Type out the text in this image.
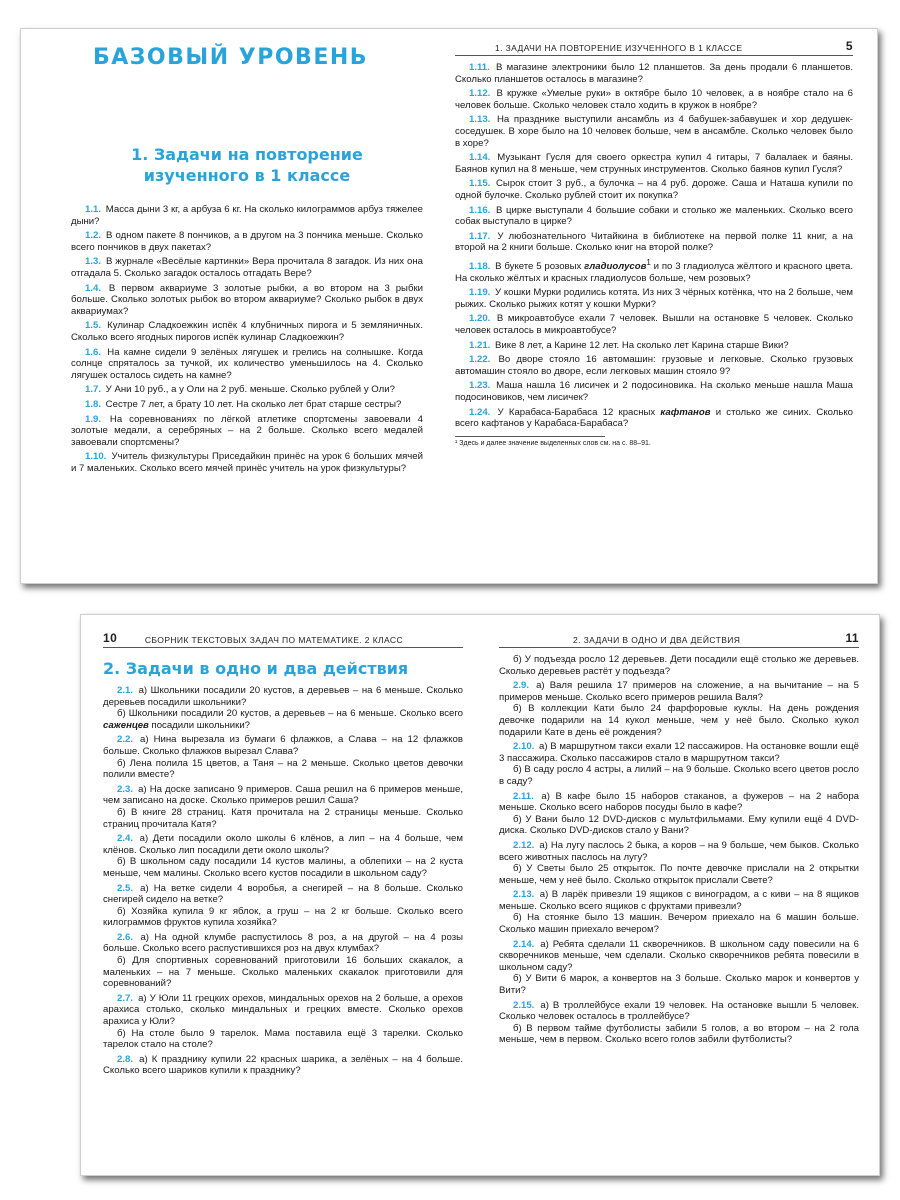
БАЗОВЫЙ УРОВЕНЬ
1. Задачи на повторение
изученного в 1 классе
1.1. Масса дыни 3 кг, а арбуза 6 кг. На сколько килограммов арбуз тяжелее дыни?
1.2. В одном пакете 8 пончиков, а в другом на 3 пончика меньше. Сколько всего пончиков в двух пакетах?
1.3. В журнале «Весёлые картинки» Вера прочитала 8 загадок. Из них она отгадала 5. Сколько загадок осталось отгадать Вере?
1.4. В первом аквариуме 3 золотые рыбки, а во втором на 3 рыбки больше. Сколько золотых рыбок во втором аквариуме? Сколько рыбок в двух аквариумах?
1.5. Кулинар Сладкоежкин испёк 4 клубничных пирога и 5 земляничных. Сколько всего ягодных пирогов испёк кулинар Сладкоежкин?
1.6. На камне сидели 9 зелёных лягушек и грелись на солнышке. Когда солнце спряталось за тучкой, их количество уменьшилось на 4. Сколько лягушек осталось сидеть на камне?
1.7. У Ани 10 руб., а у Оли на 2 руб. меньше. Сколько рублей у Оли?
1.8. Сестре 7 лет, а брату 10 лет. На сколько лет брат старше сестры?
1.9. На соревнованиях по лёгкой атлетике спортсмены завоевали 4 золотые медали, а серебряных – на 2 больше. Сколько всего медалей завоевали спортсмены?
1.10. Учитель физкультуры Приседайкин принёс на урок 6 больших мячей и 7 маленьких. Сколько всего мячей принёс учитель на урок физкультуры?
1. ЗАДАЧИ НА ПОВТОРЕНИЕ ИЗУЧЕННОГО В 1 КЛАССЕ	5
1.11. В магазине электроники было 12 планшетов. За день продали 6 планшетов. Сколько планшетов осталось в магазине?
1.12. В кружке «Умелые руки» в октябре было 10 человек, а в ноябре стало на 6 человек больше. Сколько человек стало ходить в кружок в ноябре?
1.13. На празднике выступили ансамбль из 4 бабушек-забавушек и хор дедушек-соседушек. В хоре было на 10 человек больше, чем в ансамбле. Сколько человек было в хоре?
1.14. Музыкант Гусля для своего оркестра купил 4 гитары, 7 балалаек и баяны. Баянов купил на 8 меньше, чем струнных инструментов. Сколько баянов купил Гусля?
1.15. Сырок стоит 3 руб., а булочка – на 4 руб. дороже. Саша и Наташа купили по одной булочке. Сколько рублей стоит их покупка?
1.16. В цирке выступали 4 большие собаки и столько же маленьких. Сколько всего собак выступало в цирке?
1.17. У любознательного Читайкина в библиотеке на первой полке 11 книг, а на второй на 2 книги больше. Сколько книг на второй полке?
1.18. В букете 5 розовых гладиолусов$^1$ и по 3 гладиолуса жёлтого и красного цвета. На сколько жёлтых и красных гладиолусов больше, чем розовых?
1.19. У кошки Мурки родились котята. Из них 3 чёрных котёнка, что на 2 больше, чем рыжих. Сколько рыжих котят у кошки Мурки?
1.20. В микроавтобусе ехали 7 человек. Вышли на остановке 5 человек. Сколько человек осталось в микроавтобусе?
1.21. Вике 8 лет, а Карине 12 лет. На сколько лет Карина старше Вики?
1.22. Во дворе стояло 16 автомашин: грузовые и легковые. Сколько грузовых автомашин стояло во дворе, если легковых машин стояло 9?
1.23. Маша нашла 16 лисичек и 2 подосиновика. На сколько меньше нашла Маша подосиновиков, чем лисичек?
1.24. У Карабаса-Барабаса 12 красных кафтанов и столько же синих. Сколько всего кафтанов у Карабаса-Барабаса?
¹ Здесь и далее значение выделенных слов см. на с. 88–91.
10	СБОРНИК ТЕКСТОВЫХ ЗАДАЧ ПО МАТЕМАТИКЕ. 2 КЛАСС
2. Задачи в одно и два действия
2.1. а) Школьники посадили 20 кустов, а деревьев – на 6 меньше. Сколько деревьев посадили школьники?
б) Школьники посадили 20 кустов, а деревьев – на 6 меньше. Сколько всего саженцев посадили школьники?
2.2. а) Нина вырезала из бумаги 6 флажков, а Слава – на 12 флажков больше. Сколько флажков вырезал Слава?
б) Лена полила 15 цветов, а Таня – на 2 меньше. Сколько цветов девочки полили вместе?
2.3. а) На доске записано 9 примеров. Саша решил на 6 примеров меньше, чем записано на доске. Сколько примеров решил Саша?
б) В книге 28 страниц. Катя прочитала на 2 страницы меньше. Сколько страниц прочитала Катя?
2.4. а) Дети посадили около школы 6 клёнов, а лип – на 4 больше, чем клёнов. Сколько лип посадили дети около школы?
б) В школьном саду посадили 14 кустов малины, а облепихи – на 2 куста меньше, чем малины. Сколько всего кустов посадили в школьном саду?
2.5. а) На ветке сидели 4 воробья, а снегирей – на 8 больше. Сколько снегирей сидело на ветке?
б) Хозяйка купила 9 кг яблок, а груш – на 2 кг больше. Сколько всего килограммов фруктов купила хозяйка?
2.6. а) На одной клумбе распустилось 8 роз, а на другой – на 4 розы больше. Сколько всего распустившихся роз на двух клумбах?
б) Для спортивных соревнований приготовили 16 больших скакалок, а маленьких – на 7 меньше. Сколько маленьких скакалок приготовили для соревнований?
2.7. а) У Юли 11 грецких орехов, миндальных орехов на 2 больше, а орехов арахиса столько, сколько миндальных и грецких вместе. Сколько орехов арахиса у Юли?
б) На столе было 9 тарелок. Мама поставила ещё 3 тарелки. Сколько тарелок стало на столе?
2.8. а) К празднику купили 22 красных шарика, а зелёных – на 4 больше. Сколько всего шариков купили к празднику?
2. ЗАДАЧИ В ОДНО И ДВА ДЕЙСТВИЯ	11
б) У подъезда росло 12 деревьев. Дети посадили ещё столько же деревьев. Сколько деревьев растёт у подъезда?
2.9. а) Валя решила 17 примеров на сложение, а на вычитание – на 5 примеров меньше. Сколько всего примеров решила Валя?
б) В коллекции Кати было 24 фарфоровые куклы. На день рождения девочке подарили на 14 кукол меньше, чем у неё было. Сколько кукол подарили Кате в день её рождения?
2.10. а) В маршрутном такси ехали 12 пассажиров. На остановке вошли ещё 3 пассажира. Сколько пассажиров стало в маршрутном такси?
б) В саду росло 4 астры, а лилий – на 9 больше. Сколько всего цветов росло в саду?
2.11. а) В кафе было 15 наборов стаканов, а фужеров – на 2 набора меньше. Сколько всего наборов посуды было в кафе?
б) У Вани было 12 DVD-дисков с мультфильмами. Ему купили ещё 4 DVD-диска. Сколько DVD-дисков стало у Вани?
2.12. а) На лугу паслось 2 быка, а коров – на 9 больше, чем быков. Сколько всего животных паслось на лугу?
б) У Светы было 25 открыток. По почте девочке прислали на 2 открытки меньше, чем у неё было. Сколько открыток прислали Свете?
2.13. а) В ларёк привезли 19 ящиков с виноградом, а с киви – на 8 ящиков меньше. Сколько всего ящиков с фруктами привезли?
б) На стоянке было 13 машин. Вечером приехало на 6 машин больше. Сколько машин приехало вечером?
2.14. а) Ребята сделали 11 скворечников. В школьном саду повесили на 6 скворечников меньше, чем сделали. Сколько скворечников ребята повесили в школьном саду?
б) У Вити 6 марок, а конвертов на 3 больше. Сколько марок и конвертов у Вити?
2.15. а) В троллейбусе ехали 19 человек. На остановке вышли 5 человек. Сколько человек осталось в троллейбусе?
б) В первом тайме футболисты забили 5 голов, а во втором – на 2 гола меньше, чем в первом. Сколько всего голов забили футболисты?
